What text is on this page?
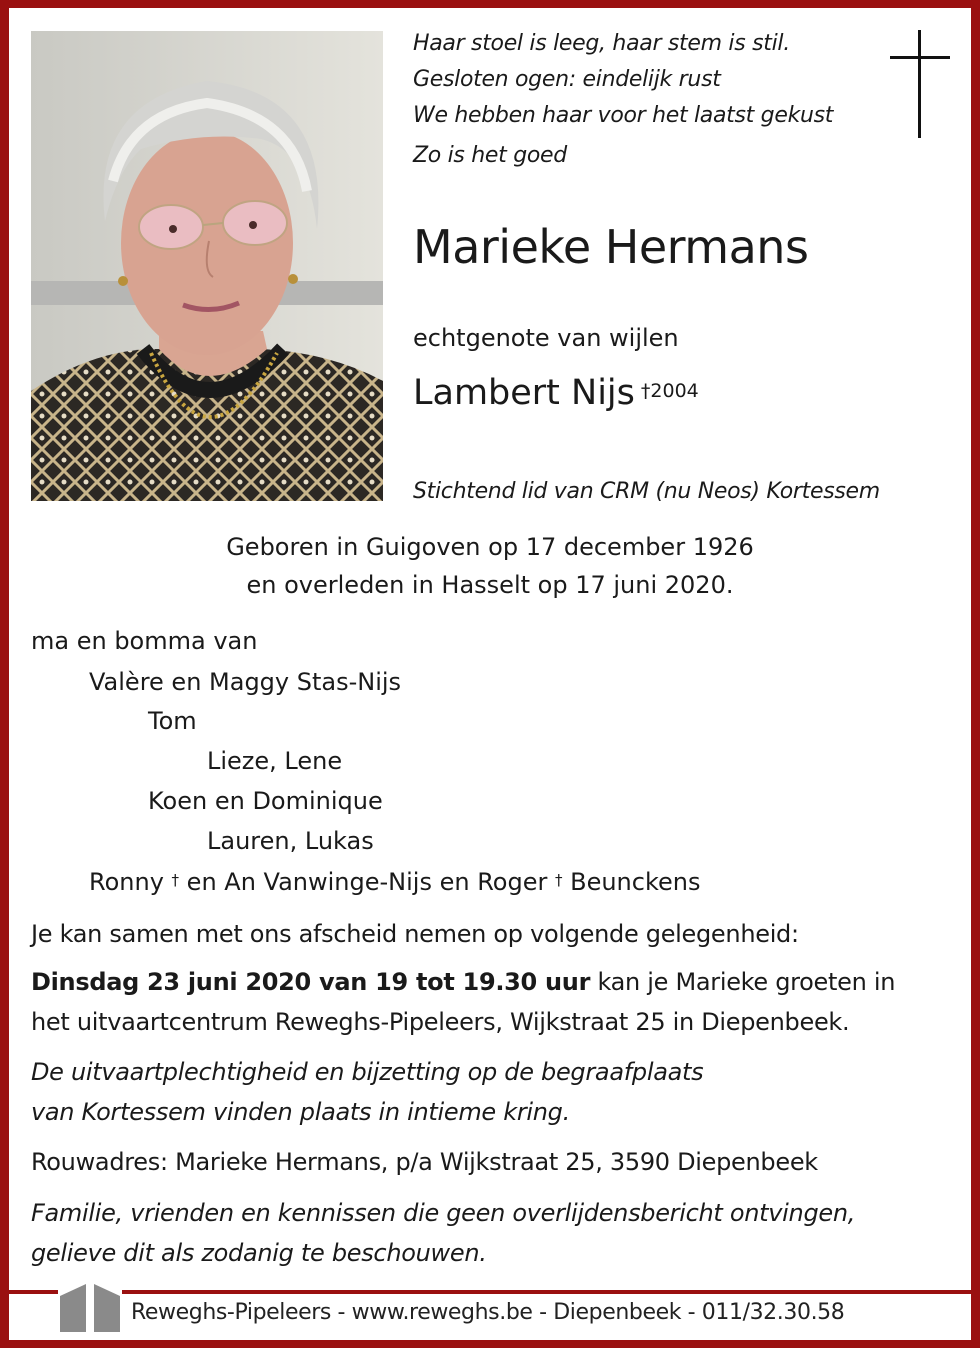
Haar stoel is leeg, haar stem is stil.
Gesloten ogen: eindelijk rust
We hebben haar voor het laatst gekust
Zo is het goed
Marieke Hermans
echtgenote van wijlen
Lambert Nijs $^{\dagger 2004}$
Stichtend lid van CRM (nu Neos) Kortessem
Geboren in Guigoven op 17 december 1926
en overleden in Hasselt op 17 juni 2020.
ma en bomma van
Valère en Maggy Stas-Nijs
Tom
Lieze, Lene
Koen en Dominique
Lauren, Lukas
Ronny † en An Vanwinge-Nijs en Roger † Beunckens
Je kan samen met ons afscheid nemen op volgende gelegenheid:
Dinsdag 23 juni 2020 van 19 tot 19.30 uur kan je Marieke groeten in
het uitvaartcentrum Reweghs-Pipeleers, Wijkstraat 25 in Diepenbeek.
De uitvaartplechtigheid en bijzetting op de begraafplaats
van Kortessem vinden plaats in intieme kring.
Rouwadres: Marieke Hermans, p/a Wijkstraat 25, 3590 Diepenbeek
Familie, vrienden en kennissen die geen overlijdensbericht ontvingen,
gelieve dit als zodanig te beschouwen.
Reweghs-Pipeleers - www.reweghs.be - Diepenbeek - 011/32.30.58
